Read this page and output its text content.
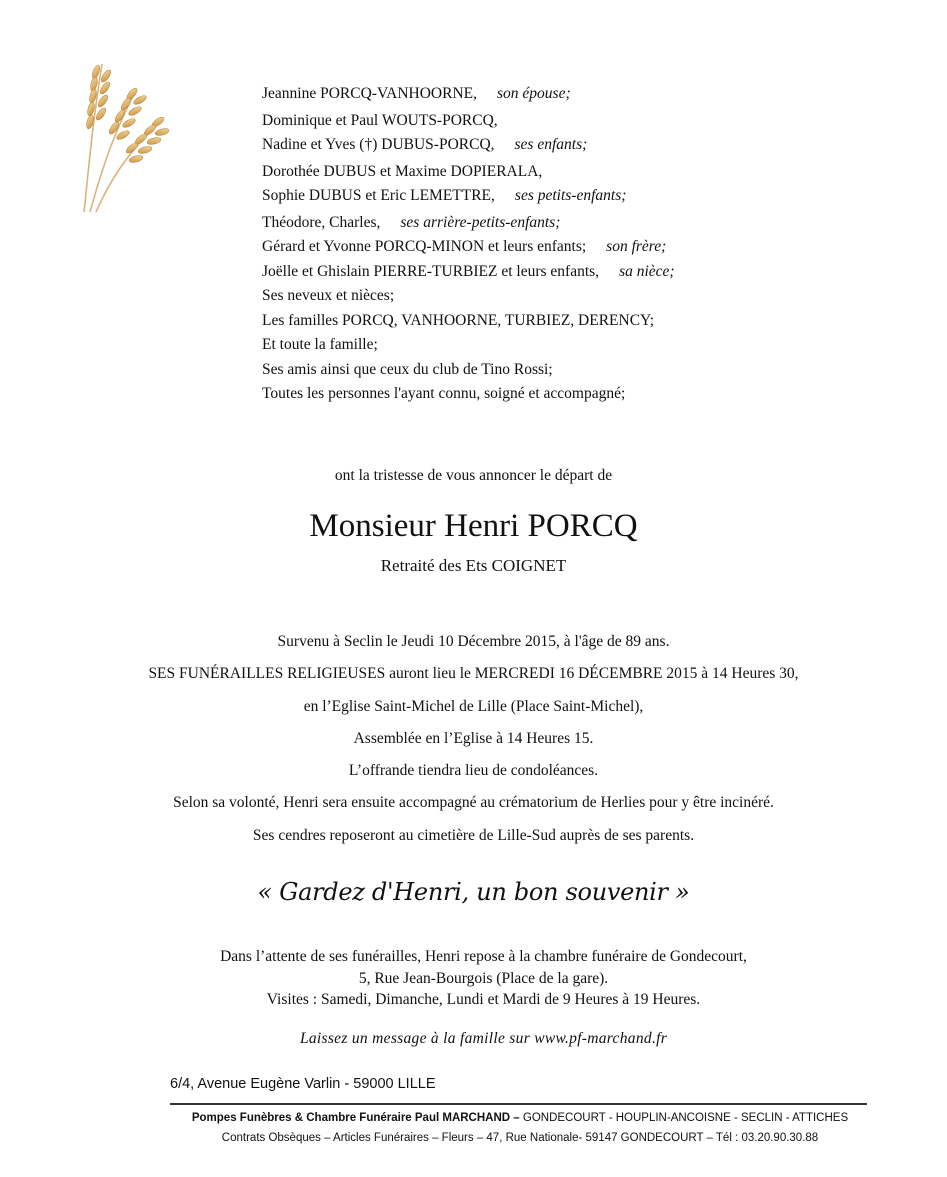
Jeannine PORCQ-VANHOORNE, son épouse;
Dominique et Paul WOUTS-PORCQ,
Nadine et Yves (†) DUBUS-PORCQ, ses enfants;
Dorothée DUBUS et Maxime DOPIERALA,
Sophie DUBUS et Eric LEMETTRE, ses petits-enfants;
Théodore, Charles, ses arrière-petits-enfants;
Gérard et Yvonne PORCQ-MINON et leurs enfants; son frère;
Joëlle et Ghislain PIERRE-TURBIEZ et leurs enfants, sa nièce;
Ses neveux et nièces;
Les familles PORCQ, VANHOORNE, TURBIEZ, DERENCY;
Et toute la famille;
Ses amis ainsi que ceux du club de Tino Rossi;
Toutes les personnes l'ayant connu, soigné et accompagné;
ont la tristesse de vous annoncer le départ de
Monsieur Henri PORCQ
Retraité des Ets COIGNET
Survenu à Seclin le Jeudi 10 Décembre 2015, à l'âge de 89 ans.
SES FUNÉRAILLES RELIGIEUSES auront lieu le MERCREDI 16 DÉCEMBRE 2015 à 14 Heures 30,
en l’Eglise Saint-Michel de Lille (Place Saint-Michel),
Assemblée en l’Eglise à 14 Heures 15.
L’offrande tiendra lieu de condoléances.
Selon sa volonté, Henri sera ensuite accompagné au crématorium de Herlies pour y être incinéré.
Ses cendres reposeront au cimetière de Lille-Sud auprès de ses parents.
« Gardez d'Henri, un bon souvenir »
Dans l’attente de ses funérailles, Henri repose à la chambre funéraire de Gondecourt,
5, Rue Jean-Bourgois (Place de la gare).
Visites : Samedi, Dimanche, Lundi et Mardi de 9 Heures à 19 Heures.
Laissez un message à la famille sur www.pf-marchand.fr
6/4, Avenue Eugène Varlin - 59000 LILLE
Pompes Funèbres & Chambre Funéraire Paul MARCHAND – GONDECOURT - HOUPLIN-ANCOISNE - SECLIN - ATTICHES
Contrats Obsèques – Articles Funéraires – Fleurs – 47, Rue Nationale- 59147 GONDECOURT – Tél : 03.20.90.30.88
